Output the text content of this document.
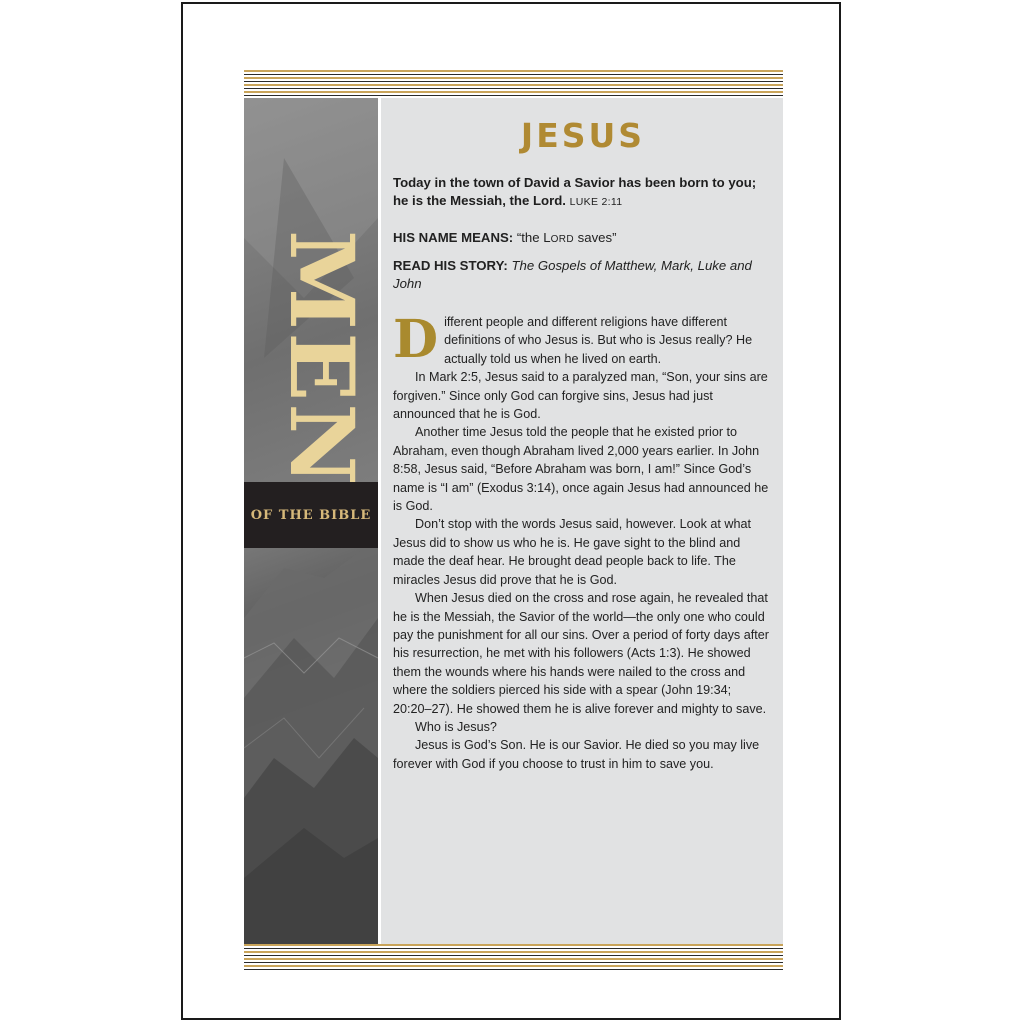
MEN
OF THE BIBLE
JESUS
Today in the town of David a Savior has been born to you; he is the Messiah, the Lord. LUKE 2:11
HIS NAME MEANS: “the LORD saves”
READ HIS STORY: The Gospels of Matthew, Mark, Luke and John

Different people and different religions have different definitions of who Jesus is. But who is Jesus really? He actually told us when he lived on earth.

In Mark 2:5, Jesus said to a paralyzed man, “Son, your sins are forgiven.” Since only God can forgive sins, Jesus had just announced that he is God.

Another time Jesus told the people that he existed prior to Abraham, even though Abraham lived 2,000 years earlier. In John 8:58, Jesus said, “Before Abraham was born, I am!” Since God’s name is “I am” (Exodus 3:14), once again Jesus had announced he is God.

Don’t stop with the words Jesus said, however. Look at what Jesus did to show us who he is. He gave sight to the blind and made the deaf hear. He brought dead people back to life. The miracles Jesus did prove that he is God.

When Jesus died on the cross and rose again, he revealed that he is the Messiah, the Savior of the world—the only one who could pay the punishment for all our sins. Over a period of forty days after his resurrection, he met with his followers (Acts 1:3). He showed them the wounds where his hands were nailed to the cross and where the soldiers pierced his side with a spear (John 19:34; 20:20–27). He showed them he is alive forever and mighty to save.

Who is Jesus?

Jesus is God’s Son. He is our Savior. He died so you may live forever with God if you choose to trust in him to save you.
